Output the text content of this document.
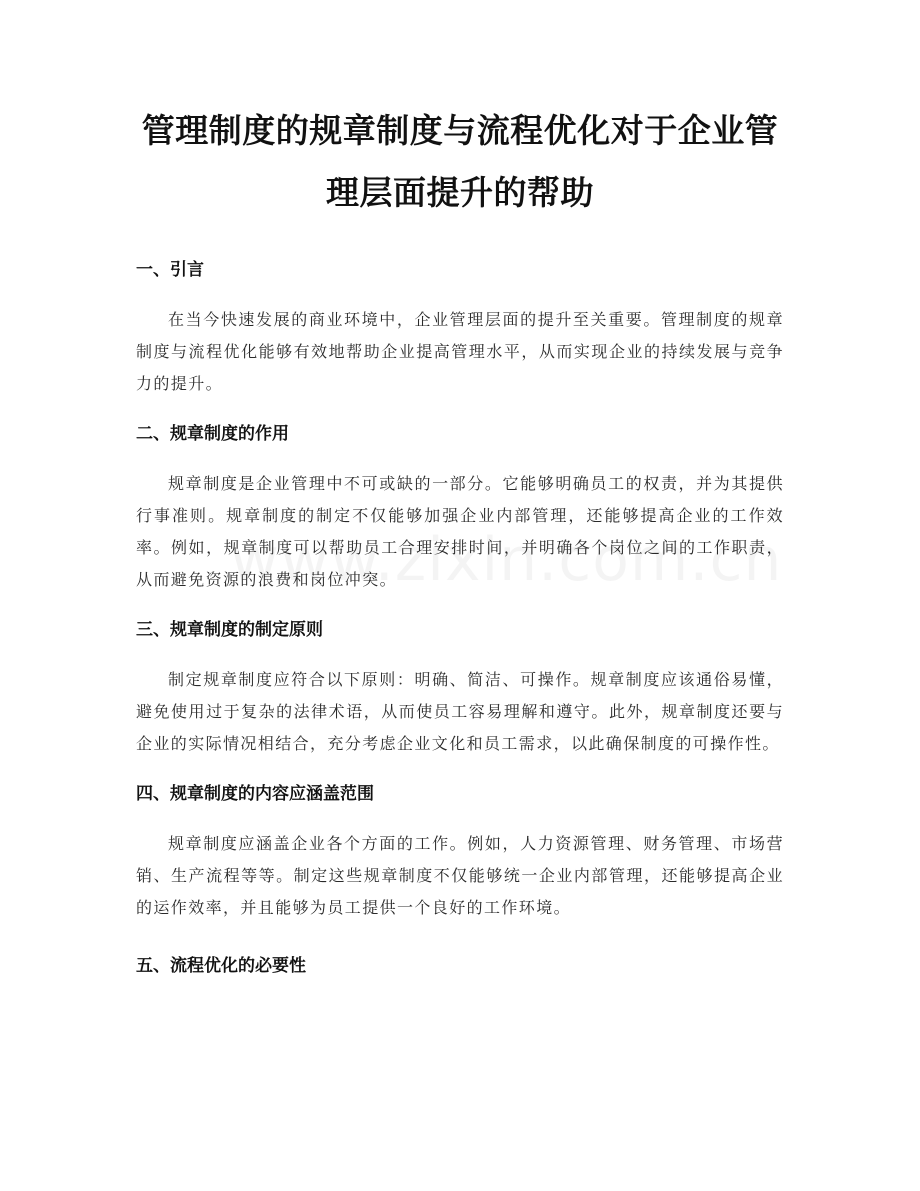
管理制度的规章制度与流程优化对于企业管
理层面提升的帮助
一、引言

在当今快速发展的商业环境中，企业管理层面的提升至关重要。管理制度的规章制度与流程优化能够有效地帮助企业提高管理水平，从而实现企业的持续发展与竞争力的提升。

二、规章制度的作用

规章制度是企业管理中不可或缺的一部分。它能够明确员工的权责，并为其提供行事准则。规章制度的制定不仅能够加强企业内部管理，还能够提高企业的工作效率。例如，规章制度可以帮助员工合理安排时间，并明确各个岗位之间的工作职责，从而避免资源的浪费和岗位冲突。

三、规章制度的制定原则

制定规章制度应符合以下原则：明确、简洁、可操作。规章制度应该通俗易懂，避免使用过于复杂的法律术语，从而使员工容易理解和遵守。此外，规章制度还要与企业的实际情况相结合，充分考虑企业文化和员工需求，以此确保制度的可操作性。

四、规章制度的内容应涵盖范围

规章制度应涵盖企业各个方面的工作。例如，人力资源管理、财务管理、市场营销、生产流程等等。制定这些规章制度不仅能够统一企业内部管理，还能够提高企业的运作效率，并且能够为员工提供一个良好的工作环境。

五、流程优化的必要性
